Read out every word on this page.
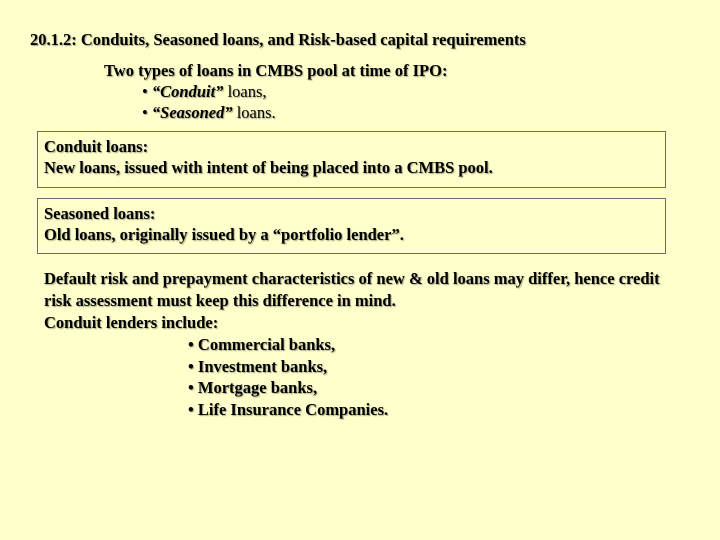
20.1.2: Conduits, Seasoned loans, and Risk-based capital requirements
Two types of loans in CMBS pool at time of IPO:
• “Conduit” loans,
• “Seasoned” loans.
Conduit loans:
New loans, issued with intent of being placed into a CMBS pool.
Seasoned loans:
Old loans, originally issued by a “portfolio lender”.
Default risk and prepayment characteristics of new & old loans may differ, hence credit risk assessment must keep this difference in mind.
Conduit lenders include:
• Commercial banks,
• Investment banks,
• Mortgage banks,
• Life Insurance Companies.
